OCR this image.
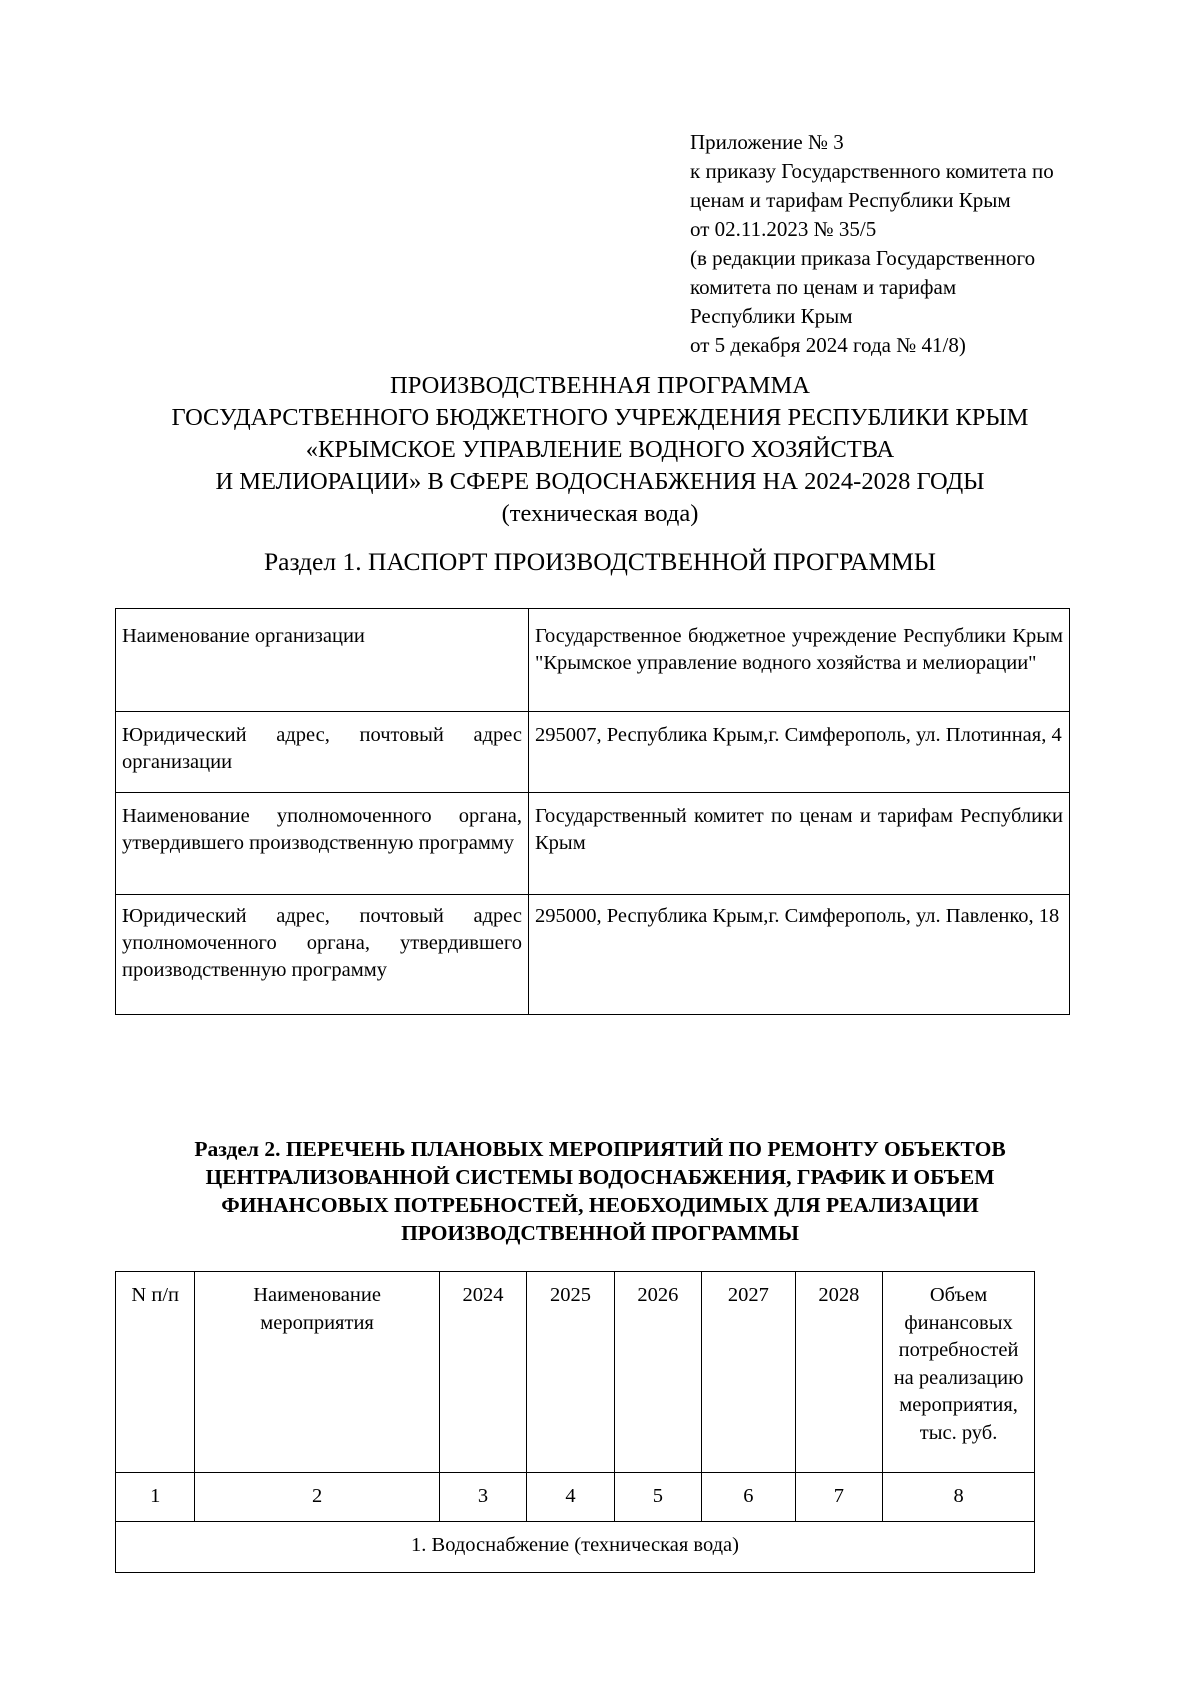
Приложение № 3
к приказу Государственного комитета по
ценам и тарифам Республики Крым
от 02.11.2023 № 35/5
(в редакции приказа Государственного
комитета по ценам и тарифам
Республики Крым
от 5 декабря 2024 года № 41/8)
ПРОИЗВОДСТВЕННАЯ ПРОГРАММА
ГОСУДАРСТВЕННОГО БЮДЖЕТНОГО УЧРЕЖДЕНИЯ РЕСПУБЛИКИ КРЫМ
«КРЫМСКОЕ УПРАВЛЕНИЕ ВОДНОГО ХОЗЯЙСТВА
И МЕЛИОРАЦИИ» В СФЕРЕ ВОДОСНАБЖЕНИЯ НА 2024-2028 ГОДЫ
(техническая вода)
Раздел 1. ПАСПОРТ ПРОИЗВОДСТВЕННОЙ ПРОГРАММЫ
Наименование организации	Государственное бюджетное учреждение Республики Крым "Крымское управление водного хозяйства и мелиорации"
Юридический адрес, почтовый адрес организации	295007, Республика Крым,г. Симферополь, ул. Плотинная, 4
Наименование уполномоченного органа, утвердившего производственную программу	Государственный комитет по ценам и тарифам Республики Крым
Юридический адрес, почтовый адрес уполномоченного органа, утвердившего производственную программу	295000, Республика Крым,г. Симферополь, ул. Павленко, 18
Раздел 2. ПЕРЕЧЕНЬ ПЛАНОВЫХ МЕРОПРИЯТИЙ ПО РЕМОНТУ ОБЪЕКТОВ
ЦЕНТРАЛИЗОВАННОЙ СИСТЕМЫ ВОДОСНАБЖЕНИЯ, ГРАФИК И ОБЪЕМ
ФИНАНСОВЫХ ПОТРЕБНОСТЕЙ, НЕОБХОДИМЫХ ДЛЯ РЕАЛИЗАЦИИ
ПРОИЗВОДСТВЕННОЙ ПРОГРАММЫ
N п/п	Наименование мероприятия	2024	2025	2026	2027	2028	Объем финансовых потребностей на реализацию мероприятия, тыс. руб.
1	2	3	4	5	6	7	8
1. Водоснабжение (техническая вода)							
